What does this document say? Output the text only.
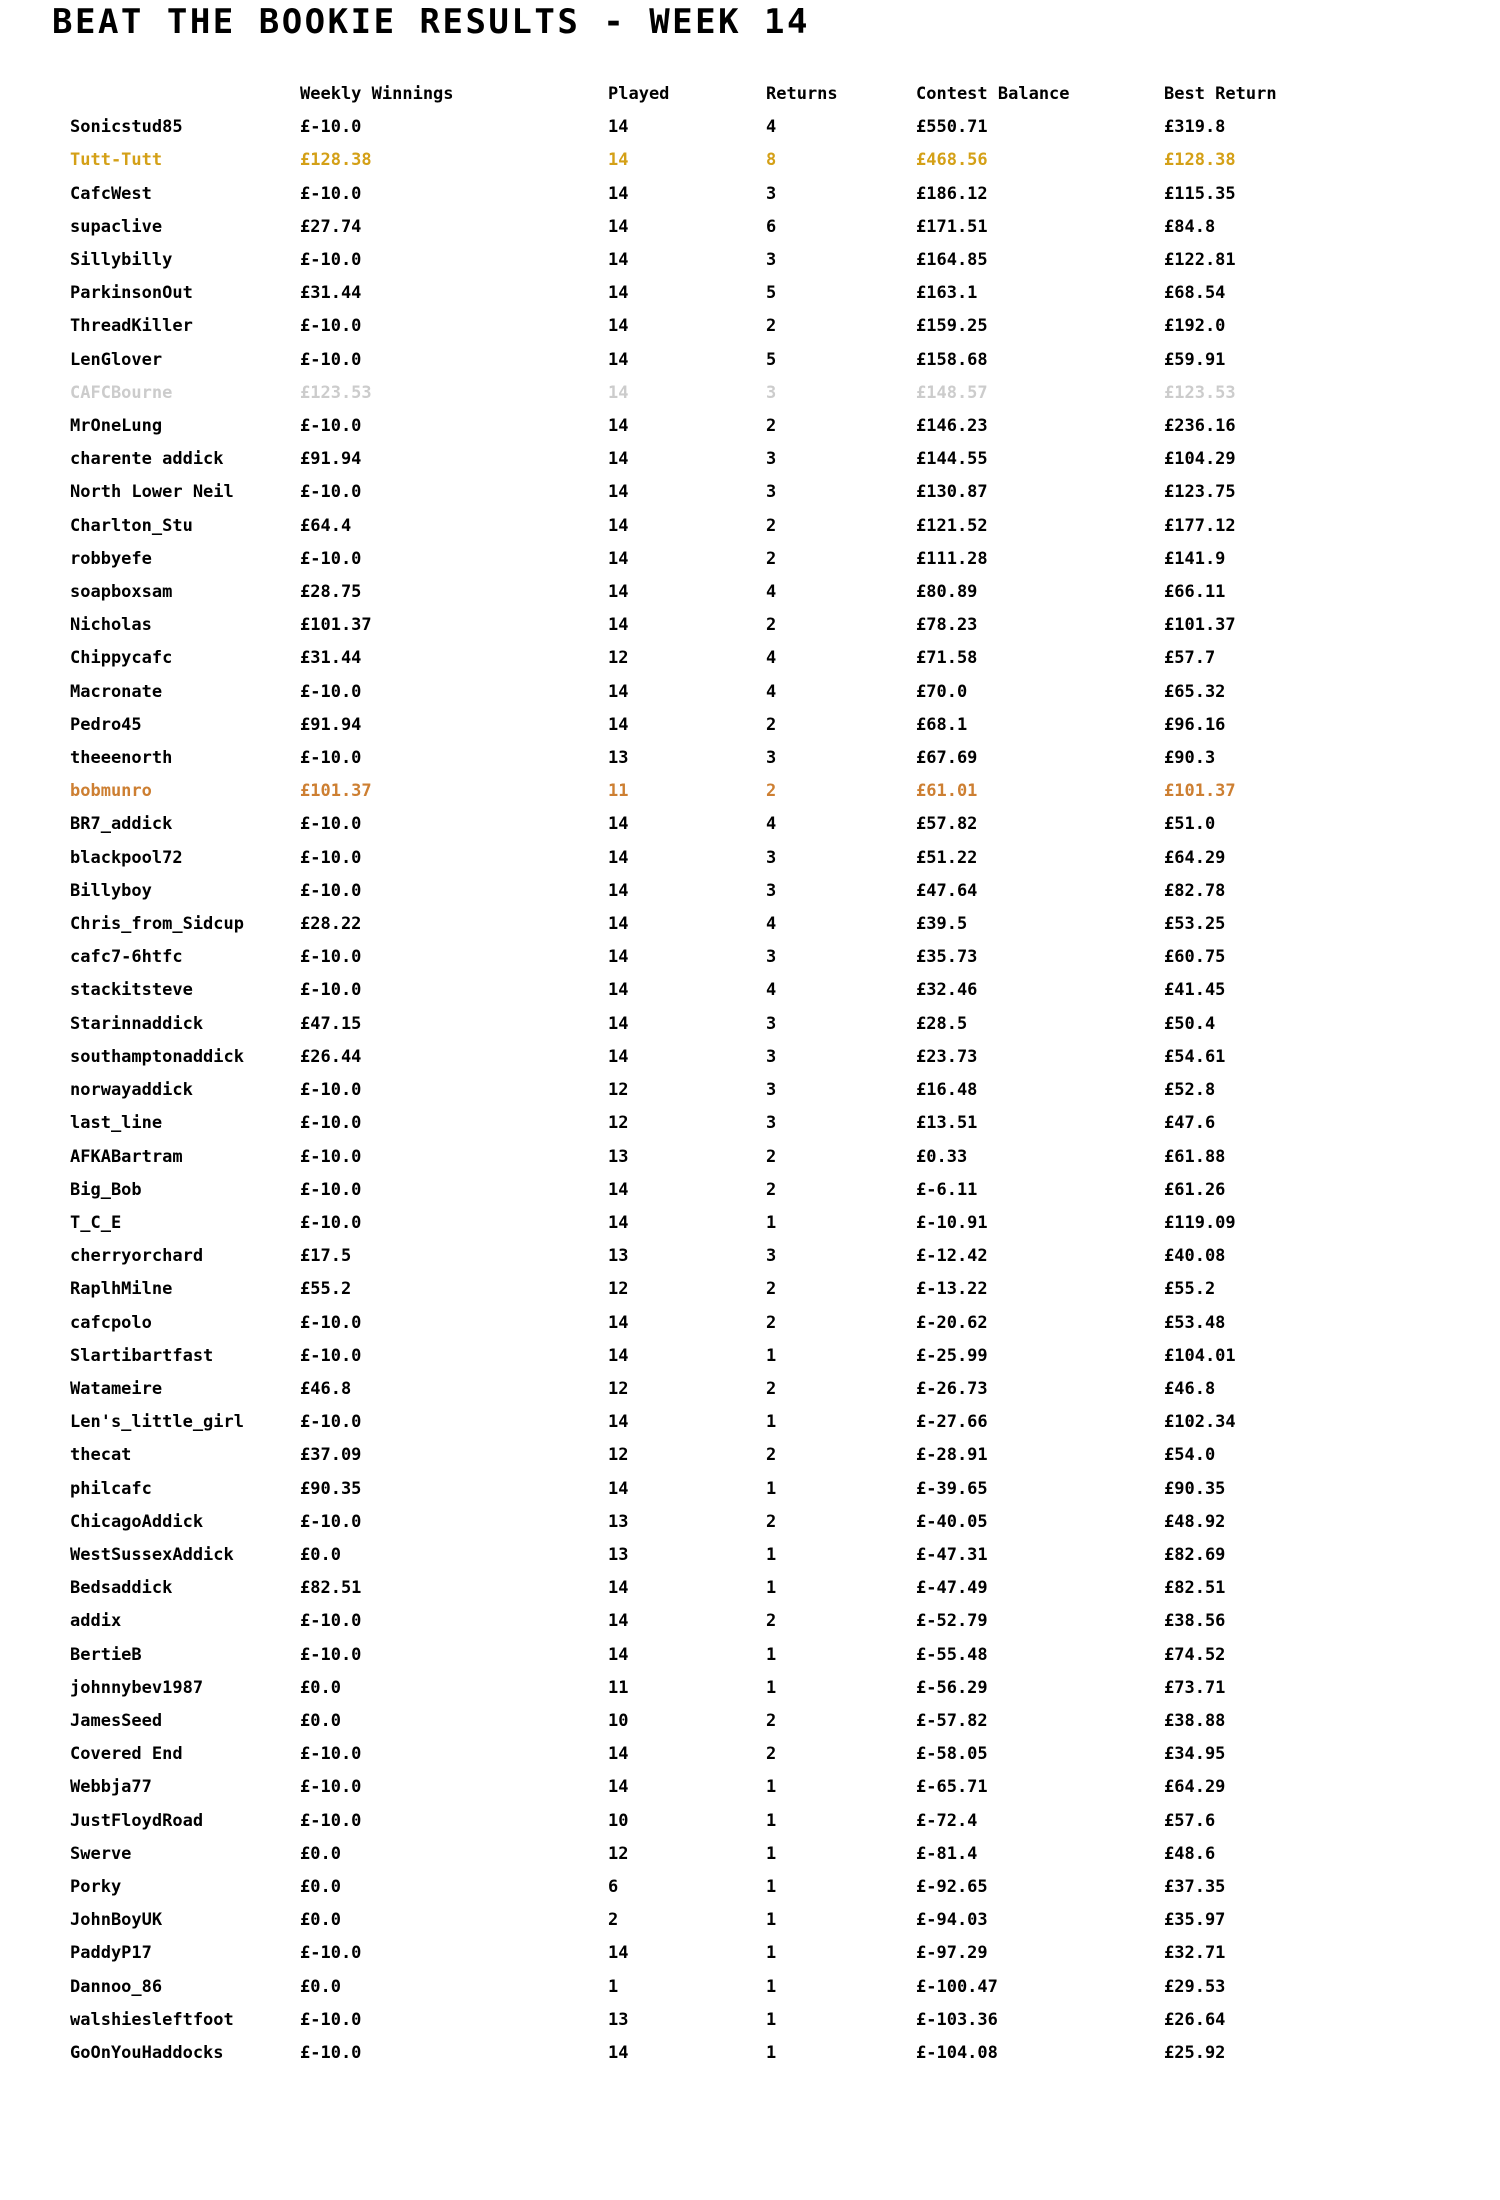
BEAT THE BOOKIE RESULTS - WEEK 14
	Weekly Winnings	Played	Returns	Contest Balance	Best Return
Sonicstud85	£-10.0	14	4	£550.71	£319.8
Tutt-Tutt	£128.38	14	8	£468.56	£128.38
CafcWest	£-10.0	14	3	£186.12	£115.35
supaclive	£27.74	14	6	£171.51	£84.8
Sillybilly	£-10.0	14	3	£164.85	£122.81
ParkinsonOut	£31.44	14	5	£163.1	£68.54
ThreadKiller	£-10.0	14	2	£159.25	£192.0
LenGlover	£-10.0	14	5	£158.68	£59.91
CAFCBourne	£123.53	14	3	£148.57	£123.53
MrOneLung	£-10.0	14	2	£146.23	£236.16
charente addick	£91.94	14	3	£144.55	£104.29
North Lower Neil	£-10.0	14	3	£130.87	£123.75
Charlton_Stu	£64.4	14	2	£121.52	£177.12
robbyefe	£-10.0	14	2	£111.28	£141.9
soapboxsam	£28.75	14	4	£80.89	£66.11
Nicholas	£101.37	14	2	£78.23	£101.37
Chippycafc	£31.44	12	4	£71.58	£57.7
Macronate	£-10.0	14	4	£70.0	£65.32
Pedro45	£91.94	14	2	£68.1	£96.16
theeenorth	£-10.0	13	3	£67.69	£90.3
bobmunro	£101.37	11	2	£61.01	£101.37
BR7_addick	£-10.0	14	4	£57.82	£51.0
blackpool72	£-10.0	14	3	£51.22	£64.29
Billyboy	£-10.0	14	3	£47.64	£82.78
Chris_from_Sidcup	£28.22	14	4	£39.5	£53.25
cafc7-6htfc	£-10.0	14	3	£35.73	£60.75
stackitsteve	£-10.0	14	4	£32.46	£41.45
Starinnaddick	£47.15	14	3	£28.5	£50.4
southamptonaddick	£26.44	14	3	£23.73	£54.61
norwayaddick	£-10.0	12	3	£16.48	£52.8
last_line	£-10.0	12	3	£13.51	£47.6
AFKABartram	£-10.0	13	2	£0.33	£61.88
Big_Bob	£-10.0	14	2	£-6.11	£61.26
T_C_E	£-10.0	14	1	£-10.91	£119.09
cherryorchard	£17.5	13	3	£-12.42	£40.08
RaplhMilne	£55.2	12	2	£-13.22	£55.2
cafcpolo	£-10.0	14	2	£-20.62	£53.48
Slartibartfast	£-10.0	14	1	£-25.99	£104.01
Watameire	£46.8	12	2	£-26.73	£46.8
Len's_little_girl	£-10.0	14	1	£-27.66	£102.34
thecat	£37.09	12	2	£-28.91	£54.0
philcafc	£90.35	14	1	£-39.65	£90.35
ChicagoAddick	£-10.0	13	2	£-40.05	£48.92
WestSussexAddick	£0.0	13	1	£-47.31	£82.69
Bedsaddick	£82.51	14	1	£-47.49	£82.51
addix	£-10.0	14	2	£-52.79	£38.56
BertieB	£-10.0	14	1	£-55.48	£74.52
johnnybev1987	£0.0	11	1	£-56.29	£73.71
JamesSeed	£0.0	10	2	£-57.82	£38.88
Covered End	£-10.0	14	2	£-58.05	£34.95
Webbja77	£-10.0	14	1	£-65.71	£64.29
JustFloydRoad	£-10.0	10	1	£-72.4	£57.6
Swerve	£0.0	12	1	£-81.4	£48.6
Porky	£0.0	6	1	£-92.65	£37.35
JohnBoyUK	£0.0	2	1	£-94.03	£35.97
PaddyP17	£-10.0	14	1	£-97.29	£32.71
Dannoo_86	£0.0	1	1	£-100.47	£29.53
walshiesleftfoot	£-10.0	13	1	£-103.36	£26.64
GoOnYouHaddocks	£-10.0	14	1	£-104.08	£25.92
